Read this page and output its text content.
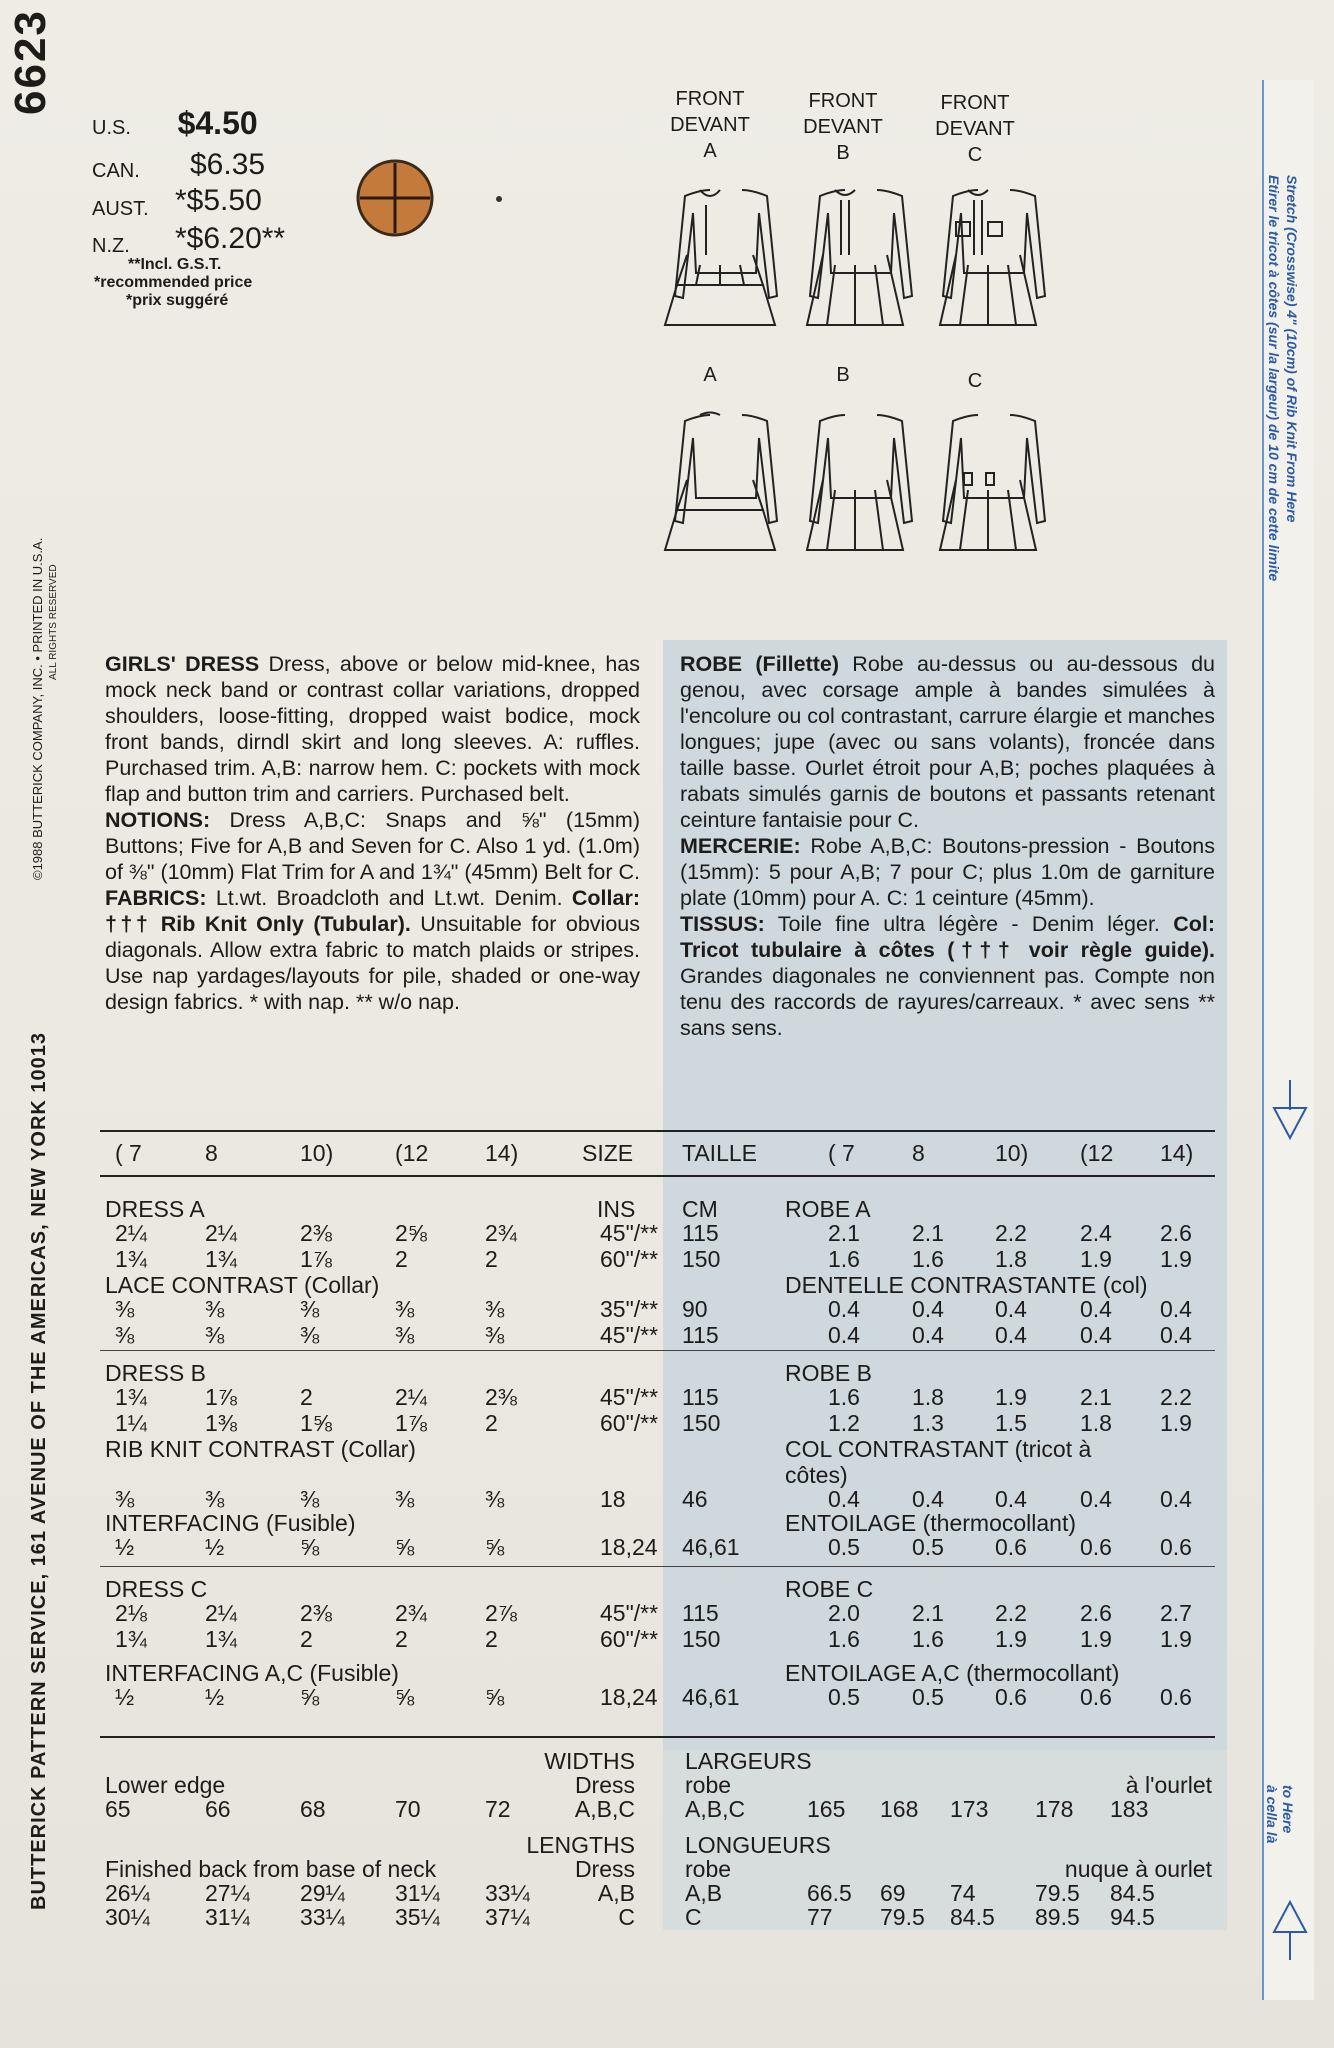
6623
BUTTERICK PATTERN SERVICE, 161 AVENUE OF THE AMERICAS, NEW YORK 10013
©1988 BUTTERICK COMPANY, INC. • PRINTED IN U.S.A. ALL RIGHTS RESERVED
U.S. $4.50
CAN. $6.35
AUST. *$5.50
N.Z. *$6.20**
**Incl. G.S.T.
*recommended price
*prix suggéré
FRONT
DEVANT
A
FRONT
DEVANT
B
FRONT
DEVANT
C
A	B	C	Stretch (Crosswise) 4" (10cm) of Rib Knit From Here
Etirer le tricot à côtes (sur la largeur) de 10 cm de cette limite
to Here
à cella là
GIRLS' DRESS Dress, above or below mid-knee, has mock neck band or contrast collar variations, dropped shoulders, loose-fitting, dropped waist bodice, mock front bands, dirndl skirt and long sleeves. A: ruffles. Purchased trim. A,B: narrow hem. C: pockets with mock flap and button trim and carriers. Purchased belt.
NOTIONS: Dress A,B,C: Snaps and ⅝" (15mm) Buttons; Five for A,B and Seven for C. Also 1 yd. (1.0m) of ⅜" (10mm) Flat Trim for A and 1¾" (45mm) Belt for C.
FABRICS: Lt.wt. Broadcloth and Lt.wt. Denim. Collar: ††† Rib Knit Only (Tubular). Unsuitable for obvious diagonals. Allow extra fabric to match plaids or stripes. Use nap yardages/layouts for pile, shaded or one-way design fabrics. * with nap. ** w/o nap.
ROBE (Fillette) Robe au-dessus ou au-dessous du genou, avec corsage ample à bandes simulées à l'encolure ou col contrastant, carrure élargie et manches longues; jupe (avec ou sans volants), froncée dans taille basse. Ourlet étroit pour A,B; poches plaquées à rabats simulés garnis de boutons et passants retenant ceinture fantaisie pour C.
MERCERIE: Robe A,B,C: Boutons-pression - Boutons (15mm): 5 pour A,B; 7 pour C; plus 1.0m de garniture plate (10mm) pour A. C: 1 ceinture (45mm).
TISSUS: Toile fine ultra légère - Denim léger. Col: Tricot tubulaire à côtes (††† voir règle guide). Grandes diagonales ne conviennent pas. Compte non tenu des raccords de rayures/carreaux. * avec sens ** sans sens.
( 7	8	10)	(12 14)	SIZE TAILLE	( 7 8	10) (12 14)
DRESS A	ROBE A
INS CM
2¼	2¼	2⅜	2⅝	2¾	45"/** 115	2.1 2.1 2.2 2.4 2.6
1¾	1¾	1⅞	2	2	60"/** 150	1.6 1.6 1.8 1.9 1.9
LACE CONTRAST (Collar)	DENTELLE CONTRASTANTE (col)
⅜	⅜	⅜	⅜	⅜	35"/** 90	0.4 0.4 0.4 0.4 0.4
⅜	⅜	⅜	⅜	⅜	45"/** 115	0.4 0.4 0.4 0.4 0.4
DRESS B	ROBE B
1¾	1⅞	2	2¼	2⅜	45"/** 115	1.6 1.8 1.9 2.1 2.2
1¼	1⅜	1⅝	1⅞	2	60"/** 150	1.2 1.3 1.5 1.8 1.9
RIB KNIT CONTRAST (Collar)	COL CONTRASTANT (tricot à
côtes)
⅜	⅜	⅜	⅜	⅜	18 46	0.4 0.4 0.4 0.4 0.4
INTERFACING (Fusible)	ENTOILAGE (thermocollant)
½	½	⅝	⅝	⅝	18,24 46,61	0.5 0.5 0.6 0.6 0.6
DRESS C	ROBE C
2⅛	2¼	2⅜	2¾	2⅞	45"/** 115	2.0 2.1 2.2 2.6 2.7
1¾	1¾	2	2	2	60"/** 150	1.6 1.6 1.9 1.9 1.9
INTERFACING A,C (Fusible)	ENTOILAGE A,C (thermocollant)
½	½	⅝	⅝	⅝	18,24 46,61	0.5 0.5 0.6 0.6 0.6
WIDTHS LARGEURS
Lower edge	Dress robe	à l'ourlet
65	66	68	70	72	A,B,C A,B,C	165 168 173 178 183
LENGTHS LONGUEURS
Finished back from base of neck	Dress robe	nuque à ourlet
26¼ 27¼ 29¼ 31¼ 33¼	A,B A,B	66.5 69 74	79.5 84.5
30¼ 31¼ 33¼ 35¼ 37¼	C C	77 79.5 84.5 89.5 94.5
